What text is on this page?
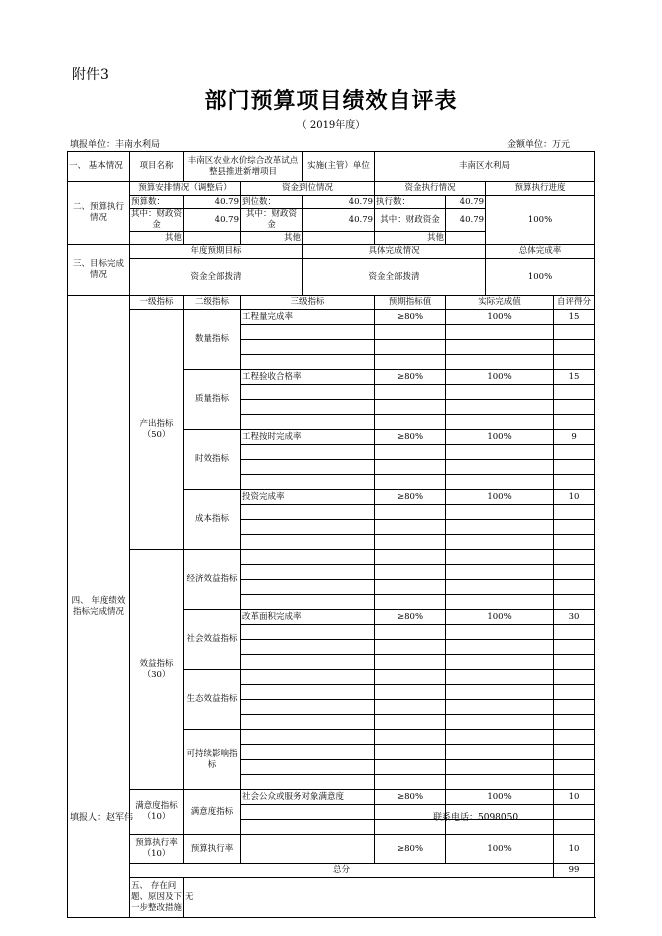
附件3
部门预算项目绩效自评表
（ 2019年度）
填报单位：丰南水利局	金额单位：万元
一、 基本情况	项目名称	丰南区农业水价综合改革试点整县推进新增项目		实施(主管）单位	丰南区水利局			
二、预算执行情况	预算安排情况（调整后）		资金到位情况		资金执行情况		预算执行进度	
	预算数：	40.79	到位数：	40.79	执行数：	40.79	100%	
	其中：财政资金	40.79	其中：财政资金	40.79	其中：财政资金	40.79		
	其他		其他		其他			
三、目标完成情况	年度预期目标			具体完成情况			总体完成率	
	资金全部拨清			资金全部拨清			100%	
四、 年度绩效指标完成情况	一级指标	二级指标	三级指标		预期指标值	实际完成值		自评得分
	产出指标（50）	数量指标	工程量完成率		≥80%	100%		15

		质量指标	工程验收合格率		≥80%	100%		15

		时效指标	工程按时完成率		≥80%	100%		9

		成本指标	投资完成率		≥80%	100%		10

	效益指标（30）	经济效益指标						

		社会效益指标	改革面积完成率		≥80%	100%		30

		生态效益指标						

		可持续影响指标						

	满意度指标（10）	满意度指标	社会公众或服务对象满意度		≥80%	100%		10

	预算执行率（10）	预算执行率			≥80%	100%		10
	总分							99
	五、 存在问题、原因及下一步整改措施	无						
填报人：赵军伟	联系电话：5098050
